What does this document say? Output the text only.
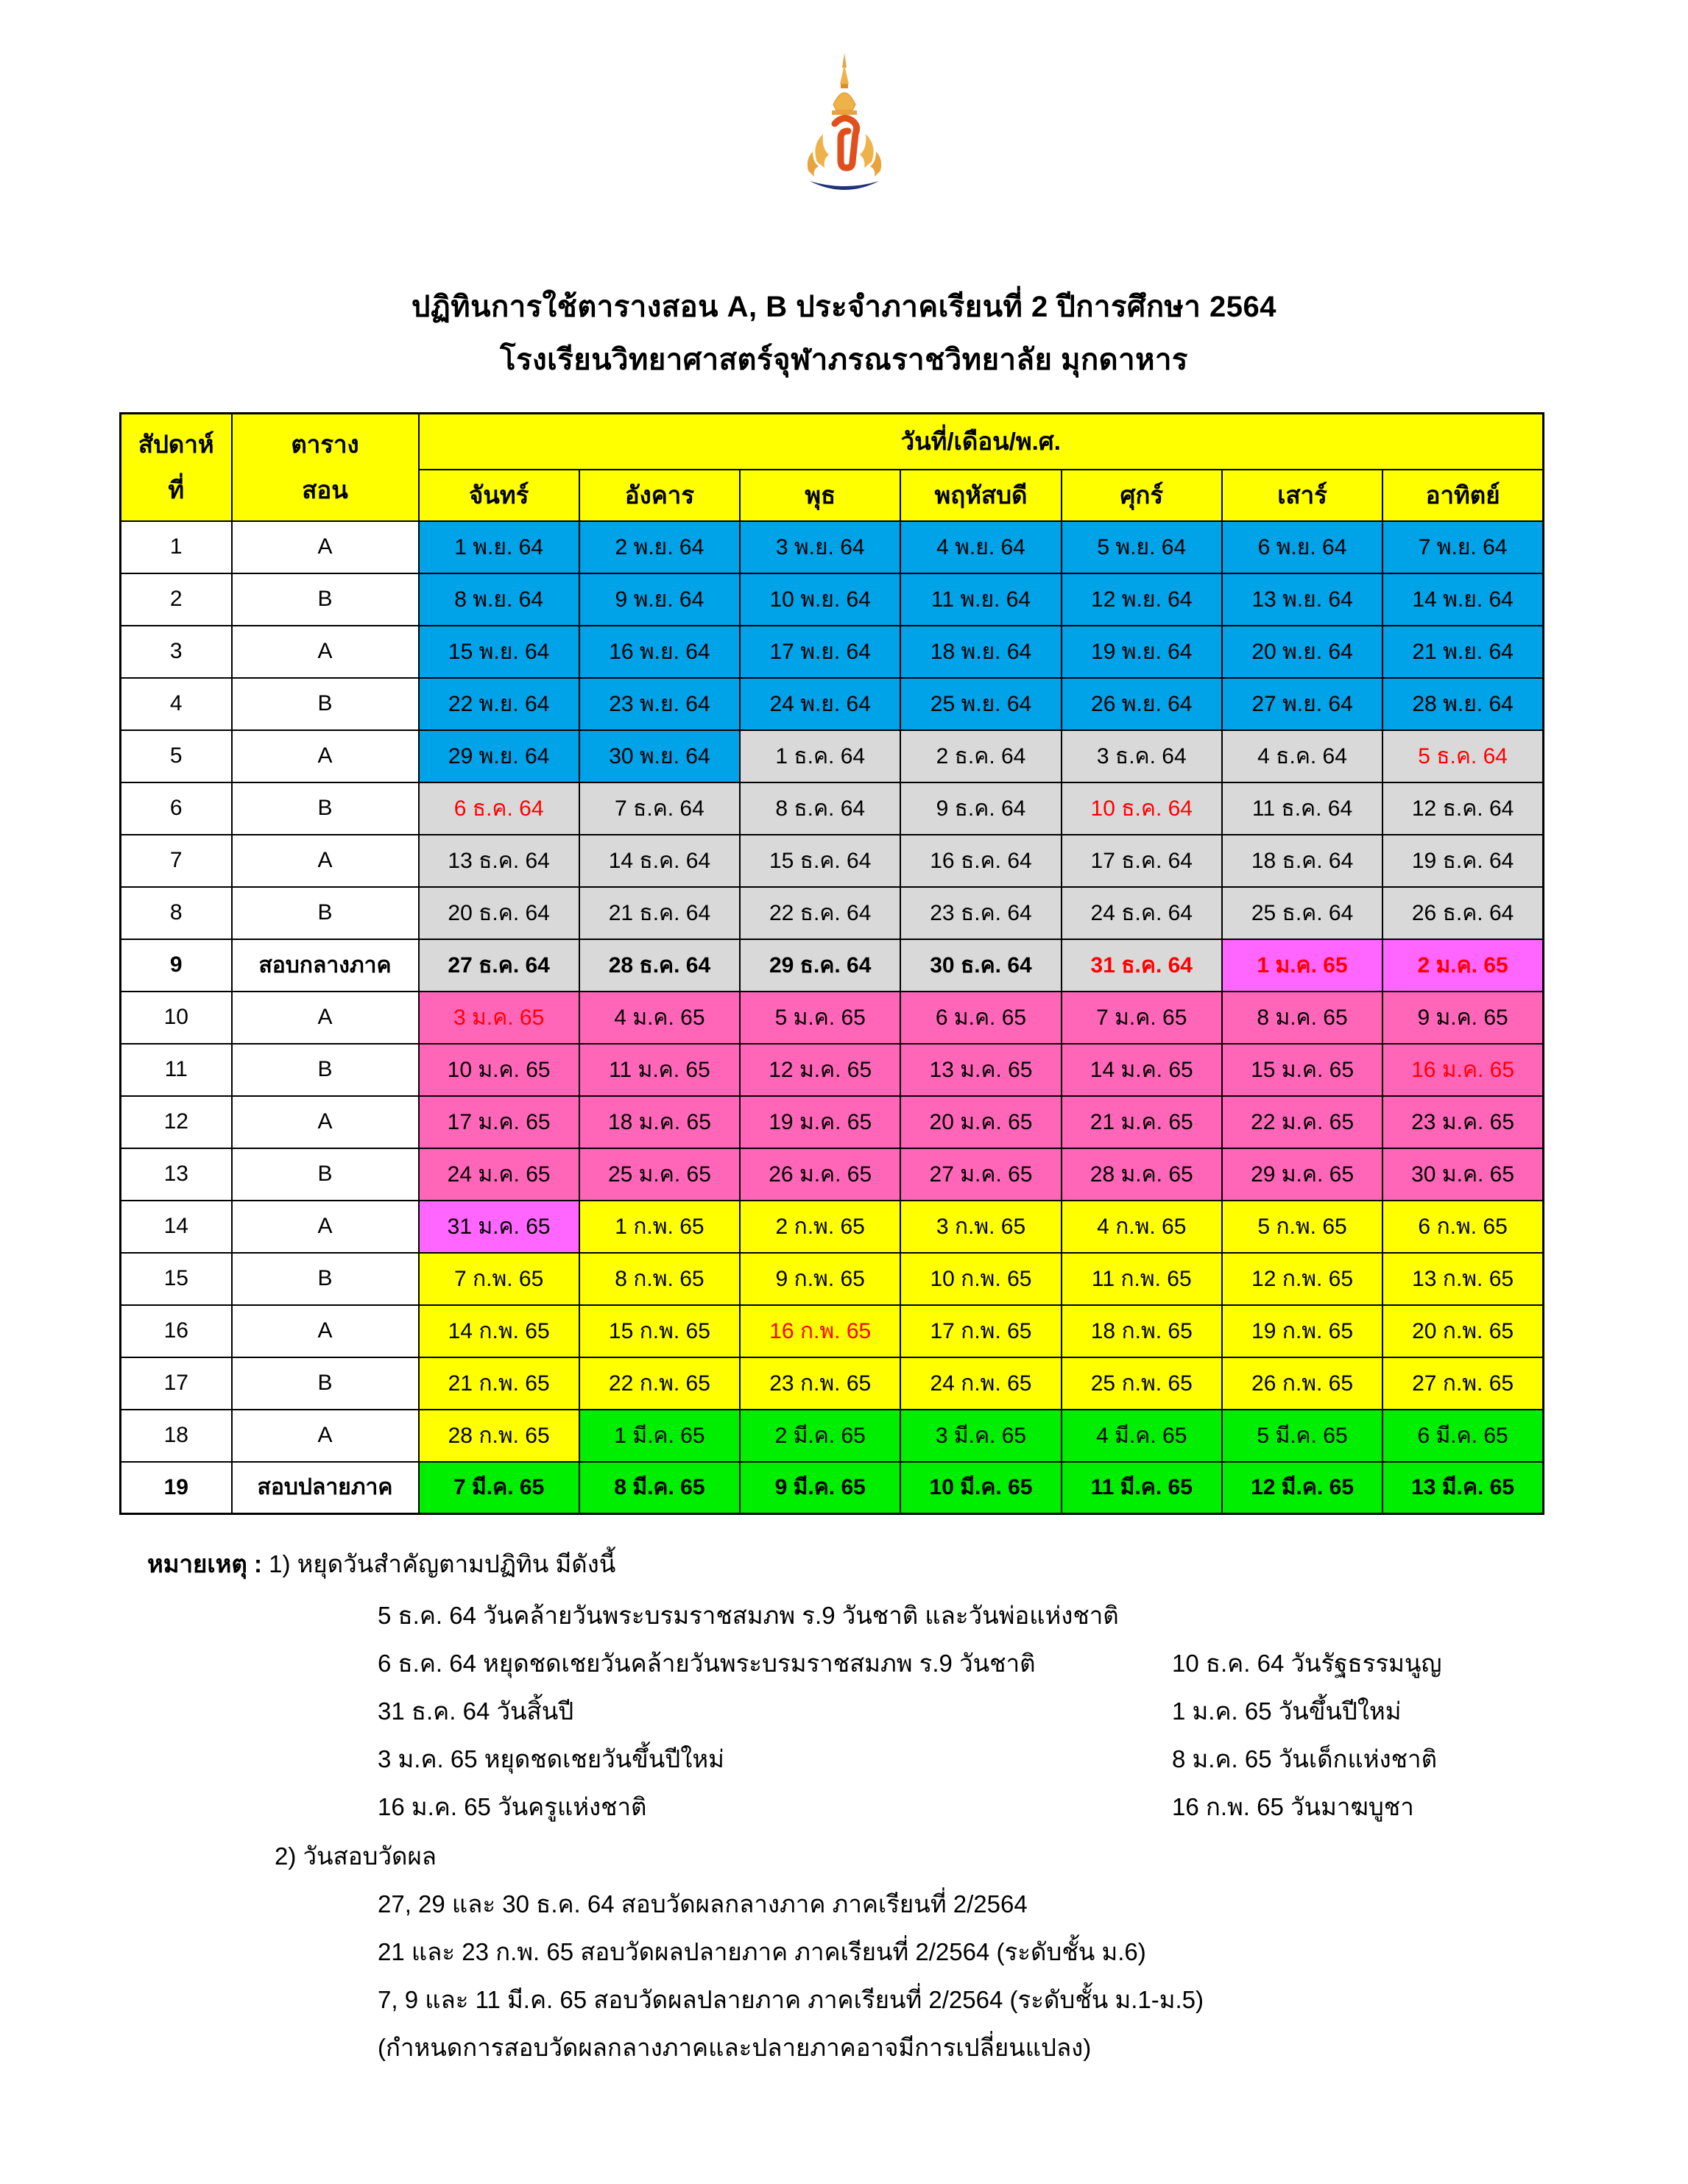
ปฏิทินการใช้ตารางสอน A, B ประจำภาคเรียนที่ 2 ปีการศึกษา 2564
โรงเรียนวิทยาศาสตร์จุฬาภรณราชวิทยาลัย มุกดาหาร
สัปดาห์
ที่	ตาราง
สอน	วันที่/เดือน/พ.ศ.						
		จันทร์	อังคาร	พุธ	พฤหัสบดี	ศุกร์	เสาร์	อาทิตย์
1	A	1 พ.ย. 64	2 พ.ย. 64	3 พ.ย. 64	4 พ.ย. 64	5 พ.ย. 64	6 พ.ย. 64	7 พ.ย. 64
2	B	8 พ.ย. 64	9 พ.ย. 64	10 พ.ย. 64	11 พ.ย. 64	12 พ.ย. 64	13 พ.ย. 64	14 พ.ย. 64
3	A	15 พ.ย. 64	16 พ.ย. 64	17 พ.ย. 64	18 พ.ย. 64	19 พ.ย. 64	20 พ.ย. 64	21 พ.ย. 64
4	B	22 พ.ย. 64	23 พ.ย. 64	24 พ.ย. 64	25 พ.ย. 64	26 พ.ย. 64	27 พ.ย. 64	28 พ.ย. 64
5	A	29 พ.ย. 64	30 พ.ย. 64	1 ธ.ค. 64	2 ธ.ค. 64	3 ธ.ค. 64	4 ธ.ค. 64	5 ธ.ค. 64
6	B	6 ธ.ค. 64	7 ธ.ค. 64	8 ธ.ค. 64	9 ธ.ค. 64	10 ธ.ค. 64	11 ธ.ค. 64	12 ธ.ค. 64
7	A	13 ธ.ค. 64	14 ธ.ค. 64	15 ธ.ค. 64	16 ธ.ค. 64	17 ธ.ค. 64	18 ธ.ค. 64	19 ธ.ค. 64
8	B	20 ธ.ค. 64	21 ธ.ค. 64	22 ธ.ค. 64	23 ธ.ค. 64	24 ธ.ค. 64	25 ธ.ค. 64	26 ธ.ค. 64
9	สอบกลางภาค	27 ธ.ค. 64	28 ธ.ค. 64	29 ธ.ค. 64	30 ธ.ค. 64	31 ธ.ค. 64	1 ม.ค. 65	2 ม.ค. 65
10	A	3 ม.ค. 65	4 ม.ค. 65	5 ม.ค. 65	6 ม.ค. 65	7 ม.ค. 65	8 ม.ค. 65	9 ม.ค. 65
11	B	10 ม.ค. 65	11 ม.ค. 65	12 ม.ค. 65	13 ม.ค. 65	14 ม.ค. 65	15 ม.ค. 65	16 ม.ค. 65
12	A	17 ม.ค. 65	18 ม.ค. 65	19 ม.ค. 65	20 ม.ค. 65	21 ม.ค. 65	22 ม.ค. 65	23 ม.ค. 65
13	B	24 ม.ค. 65	25 ม.ค. 65	26 ม.ค. 65	27 ม.ค. 65	28 ม.ค. 65	29 ม.ค. 65	30 ม.ค. 65
14	A	31 ม.ค. 65	1 ก.พ. 65	2 ก.พ. 65	3 ก.พ. 65	4 ก.พ. 65	5 ก.พ. 65	6 ก.พ. 65
15	B	7 ก.พ. 65	8 ก.พ. 65	9 ก.พ. 65	10 ก.พ. 65	11 ก.พ. 65	12 ก.พ. 65	13 ก.พ. 65
16	A	14 ก.พ. 65	15 ก.พ. 65	16 ก.พ. 65	17 ก.พ. 65	18 ก.พ. 65	19 ก.พ. 65	20 ก.พ. 65
17	B	21 ก.พ. 65	22 ก.พ. 65	23 ก.พ. 65	24 ก.พ. 65	25 ก.พ. 65	26 ก.พ. 65	27 ก.พ. 65
18	A	28 ก.พ. 65	1 มี.ค. 65	2 มี.ค. 65	3 มี.ค. 65	4 มี.ค. 65	5 มี.ค. 65	6 มี.ค. 65
19	สอบปลายภาค	7 มี.ค. 65	8 มี.ค. 65	9 มี.ค. 65	10 มี.ค. 65	11 มี.ค. 65	12 มี.ค. 65	13 มี.ค. 65
หมายเหตุ : 1) หยุดวันสำคัญตามปฏิทิน มีดังนี้
5 ธ.ค. 64 วันคล้ายวันพระบรมราชสมภพ ร.9 วันชาติ และวันพ่อแห่งชาติ
6 ธ.ค. 64 หยุดชดเชยวันคล้ายวันพระบรมราชสมภพ ร.9 วันชาติ
31 ธ.ค. 64 วันสิ้นปี
3 ม.ค. 65 หยุดชดเชยวันขึ้นปีใหม่
16 ม.ค. 65 วันครูแห่งชาติ
10 ธ.ค. 64 วันรัฐธรรมนูญ
1 ม.ค. 65 วันขึ้นปีใหม่
8 ม.ค. 65 วันเด็กแห่งชาติ
16 ก.พ. 65 วันมาฆบูชา
2) วันสอบวัดผล
27, 29 และ 30 ธ.ค. 64 สอบวัดผลกลางภาค ภาคเรียนที่ 2/2564
21 และ 23 ก.พ. 65 สอบวัดผลปลายภาค ภาคเรียนที่ 2/2564 (ระดับชั้น ม.6)
7, 9 และ 11 มี.ค. 65 สอบวัดผลปลายภาค ภาคเรียนที่ 2/2564 (ระดับชั้น ม.1-ม.5)
(กำหนดการสอบวัดผลกลางภาคและปลายภาคอาจมีการเปลี่ยนแปลง)
